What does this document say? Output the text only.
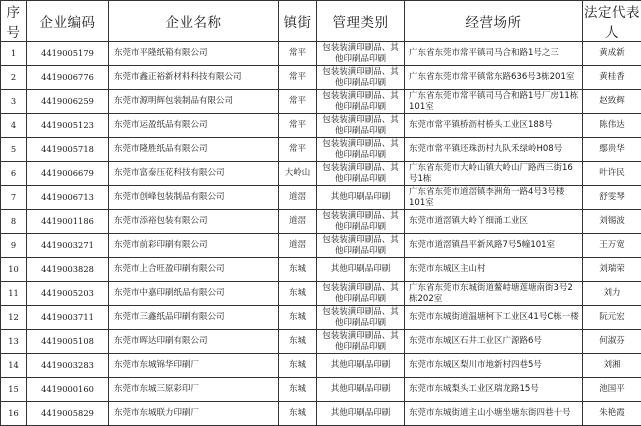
序号	企业编码	企业名称	镇街	管理类别	经营场所	法定代表人
1	4419005179	东莞市平隆纸箱有限公司	常平	包装装潢印刷品、其他印刷品印刷	广东省东莞市常平镇司马合和路1号之三	黄成新
2	4419006776	东莞市鑫正裕新材料科技有限公司	常平	包装装潢印刷品、其他印刷品印刷	广东省东莞市常平镇常东路636号3栋201室	黄桂香
3	4419006259	东莞市源明辉包装制品有限公司	常平	包装装潢印刷品、其他印刷品印刷	广东省东莞市常平镇司马合和路1号厂房11栋101室	赵致辉
4	4419005123	东莞市运盈纸品有限公司	常平	包装装潢印刷品、其他印刷品印刷	东莞市常平镇桥沥村桥头工业区188号	陈伟达
5	4419005718	东莞市隆胜纸品有限公司	常平	包装装潢印刷品、其他印刷品印刷	东莞市常平镇还珠沥村九队禾绿岭H08号	鄢贵华
6	4419006679	东莞市富泰压花科技有限公司	大岭山	包装装潢印刷品、其他印刷品印刷	广东省东莞市大岭山镇大岭山厂路西三街16号1栋	叶许民
7	4419006713	东莞市创峰包装制品有限公司	道滘	其他印刷品印刷	广东省东莞市道滘镇李洲角一路4号3号楼101室	舒雯琴
8	4419001186	东莞市添裕包装有限公司	道滘	包装装潢印刷品、其他印刷品印刷	东莞市道滘镇大岭丫细涌工业区	刘锡波
9	4419003271	东莞市前彩印刷有限公司	道滘	包装装潢印刷品、其他印刷品印刷	东莞市道滘镇昌平新风路7号5幢101室	王万宽
10	4419003828	东莞市上合旺盈印刷有限公司	东城	其他印刷品印刷	东莞市东城区主山村	刘瑞荣
11	4419005203	东莞市中嘉印刷纸品有限公司	东城	包装装潢印刷品、其他印刷品印刷	广东省东莞市东城街道鳌峙塘莲塘南街3号2栋202室	刘力
12	4419003711	东莞市三鑫纸品印刷有限公司	东城	包装装潢印刷品、其他印刷品印刷	东莞市东城街道温塘柯下工业区41号C栋一楼	阮元宏
13	4419005108	东莞市晖达印刷有限公司	东城	包装装潢印刷品、其他印刷品印刷	东莞市东城区石井工业区广源路6号	何淑芬
14	4419003283	东莞市东城锦华印刷厂	东城	其他印刷品印刷	东莞市东城区梨川市地新村四巷5号	刘湘
15	4419000160	东莞市东城三原彩印厂	东城	其他印刷品印刷	东莞市东城梨头工业区瑞龙路15号	池国平
16	4419005829	东莞市东城联力印刷厂	东城	其他印刷品印刷	东莞市东城街道主山小塘坐塘东街四巷十号	朱艳霞
